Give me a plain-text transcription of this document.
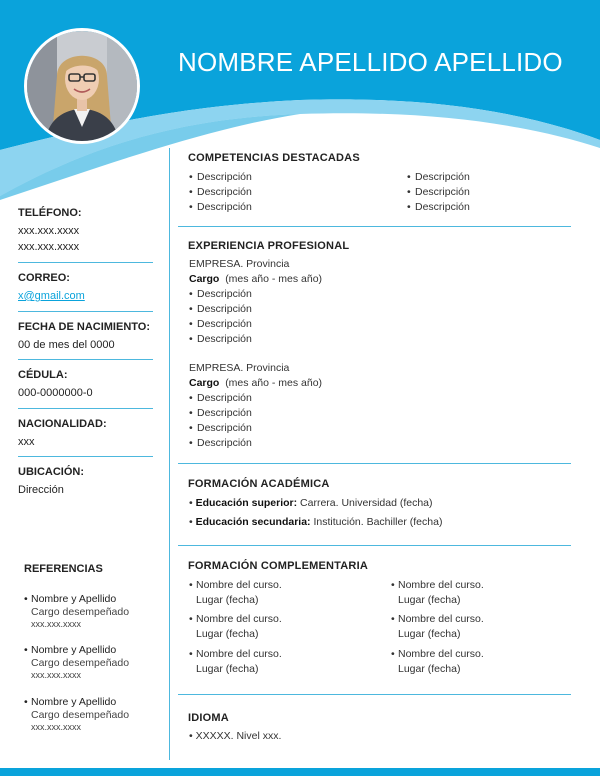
NOMBRE APELLIDO APELLIDO
TELÉFONO:
xxx.xxx.xxxx
xxx.xxx.xxxx
CORREO:
x@gmail.com
FECHA DE NACIMIENTO:
00 de mes del 0000
CÉDULA:
000-0000000-0
NACIONALIDAD:
xxx
UBICACIÓN:
Dirección
REFERENCIAS
• Nombre y Apellido
Cargo desempeñado
xxx.xxx.xxxx
• Nombre y Apellido
Cargo desempeñado
xxx.xxx.xxxx
• Nombre y Apellido
Cargo desempeñado
xxx.xxx.xxxx
COMPETENCIAS DESTACADAS
• Descripción
• Descripción
• Descripción
• Descripción
• Descripción
• Descripción
EXPERIENCIA PROFESIONAL
EMPRESA. Provincia
Cargo (mes año - mes año)
• Descripción
• Descripción
• Descripción
• Descripción
EMPRESA. Provincia
Cargo (mes año - mes año)
• Descripción
• Descripción
• Descripción
• Descripción
FORMACIÓN ACADÉMICA
• Educación superior: Carrera. Universidad (fecha)
• Educación secundaria: Institución. Bachiller (fecha)
FORMACIÓN COMPLEMENTARIA
• Nombre del curso.
Lugar (fecha)
• Nombre del curso.
Lugar (fecha)
• Nombre del curso.
Lugar (fecha)
• Nombre del curso.
Lugar (fecha)
• Nombre del curso.
Lugar (fecha)
• Nombre del curso.
Lugar (fecha)
IDIOMA
• XXXXX. Nivel xxx.
